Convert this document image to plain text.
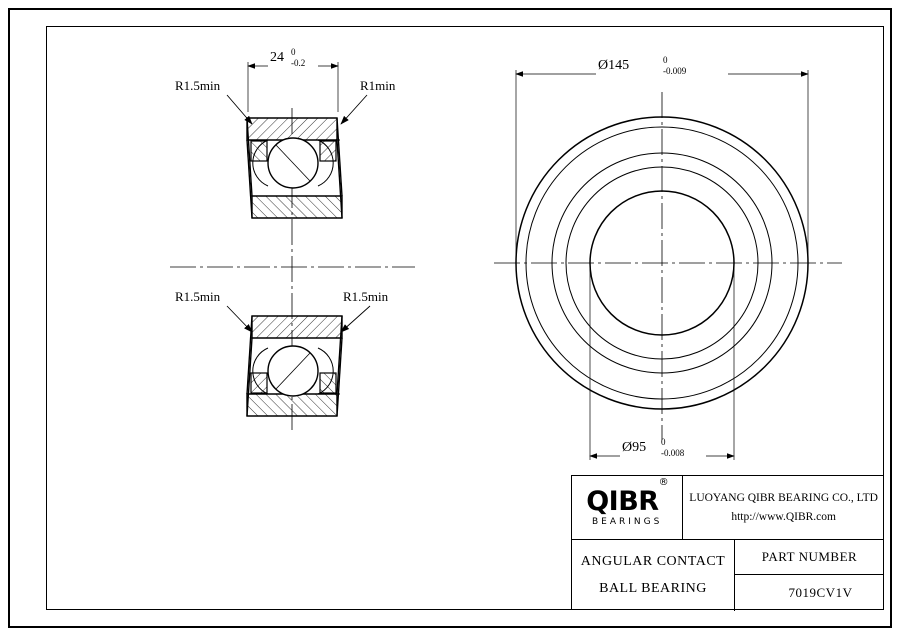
24 0
-0.2
R1.5min	R1min
R1.5min	R1.5min
Ø145	0
-0.009
Ø95 0
-0.008
QIBR®
BEARINGS
LUOYANG QIBR BEARING CO., LTD
http://www.QIBR.com
ANGULAR CONTACT
BALL BEARING
PART NUMBER
7019CV1V
